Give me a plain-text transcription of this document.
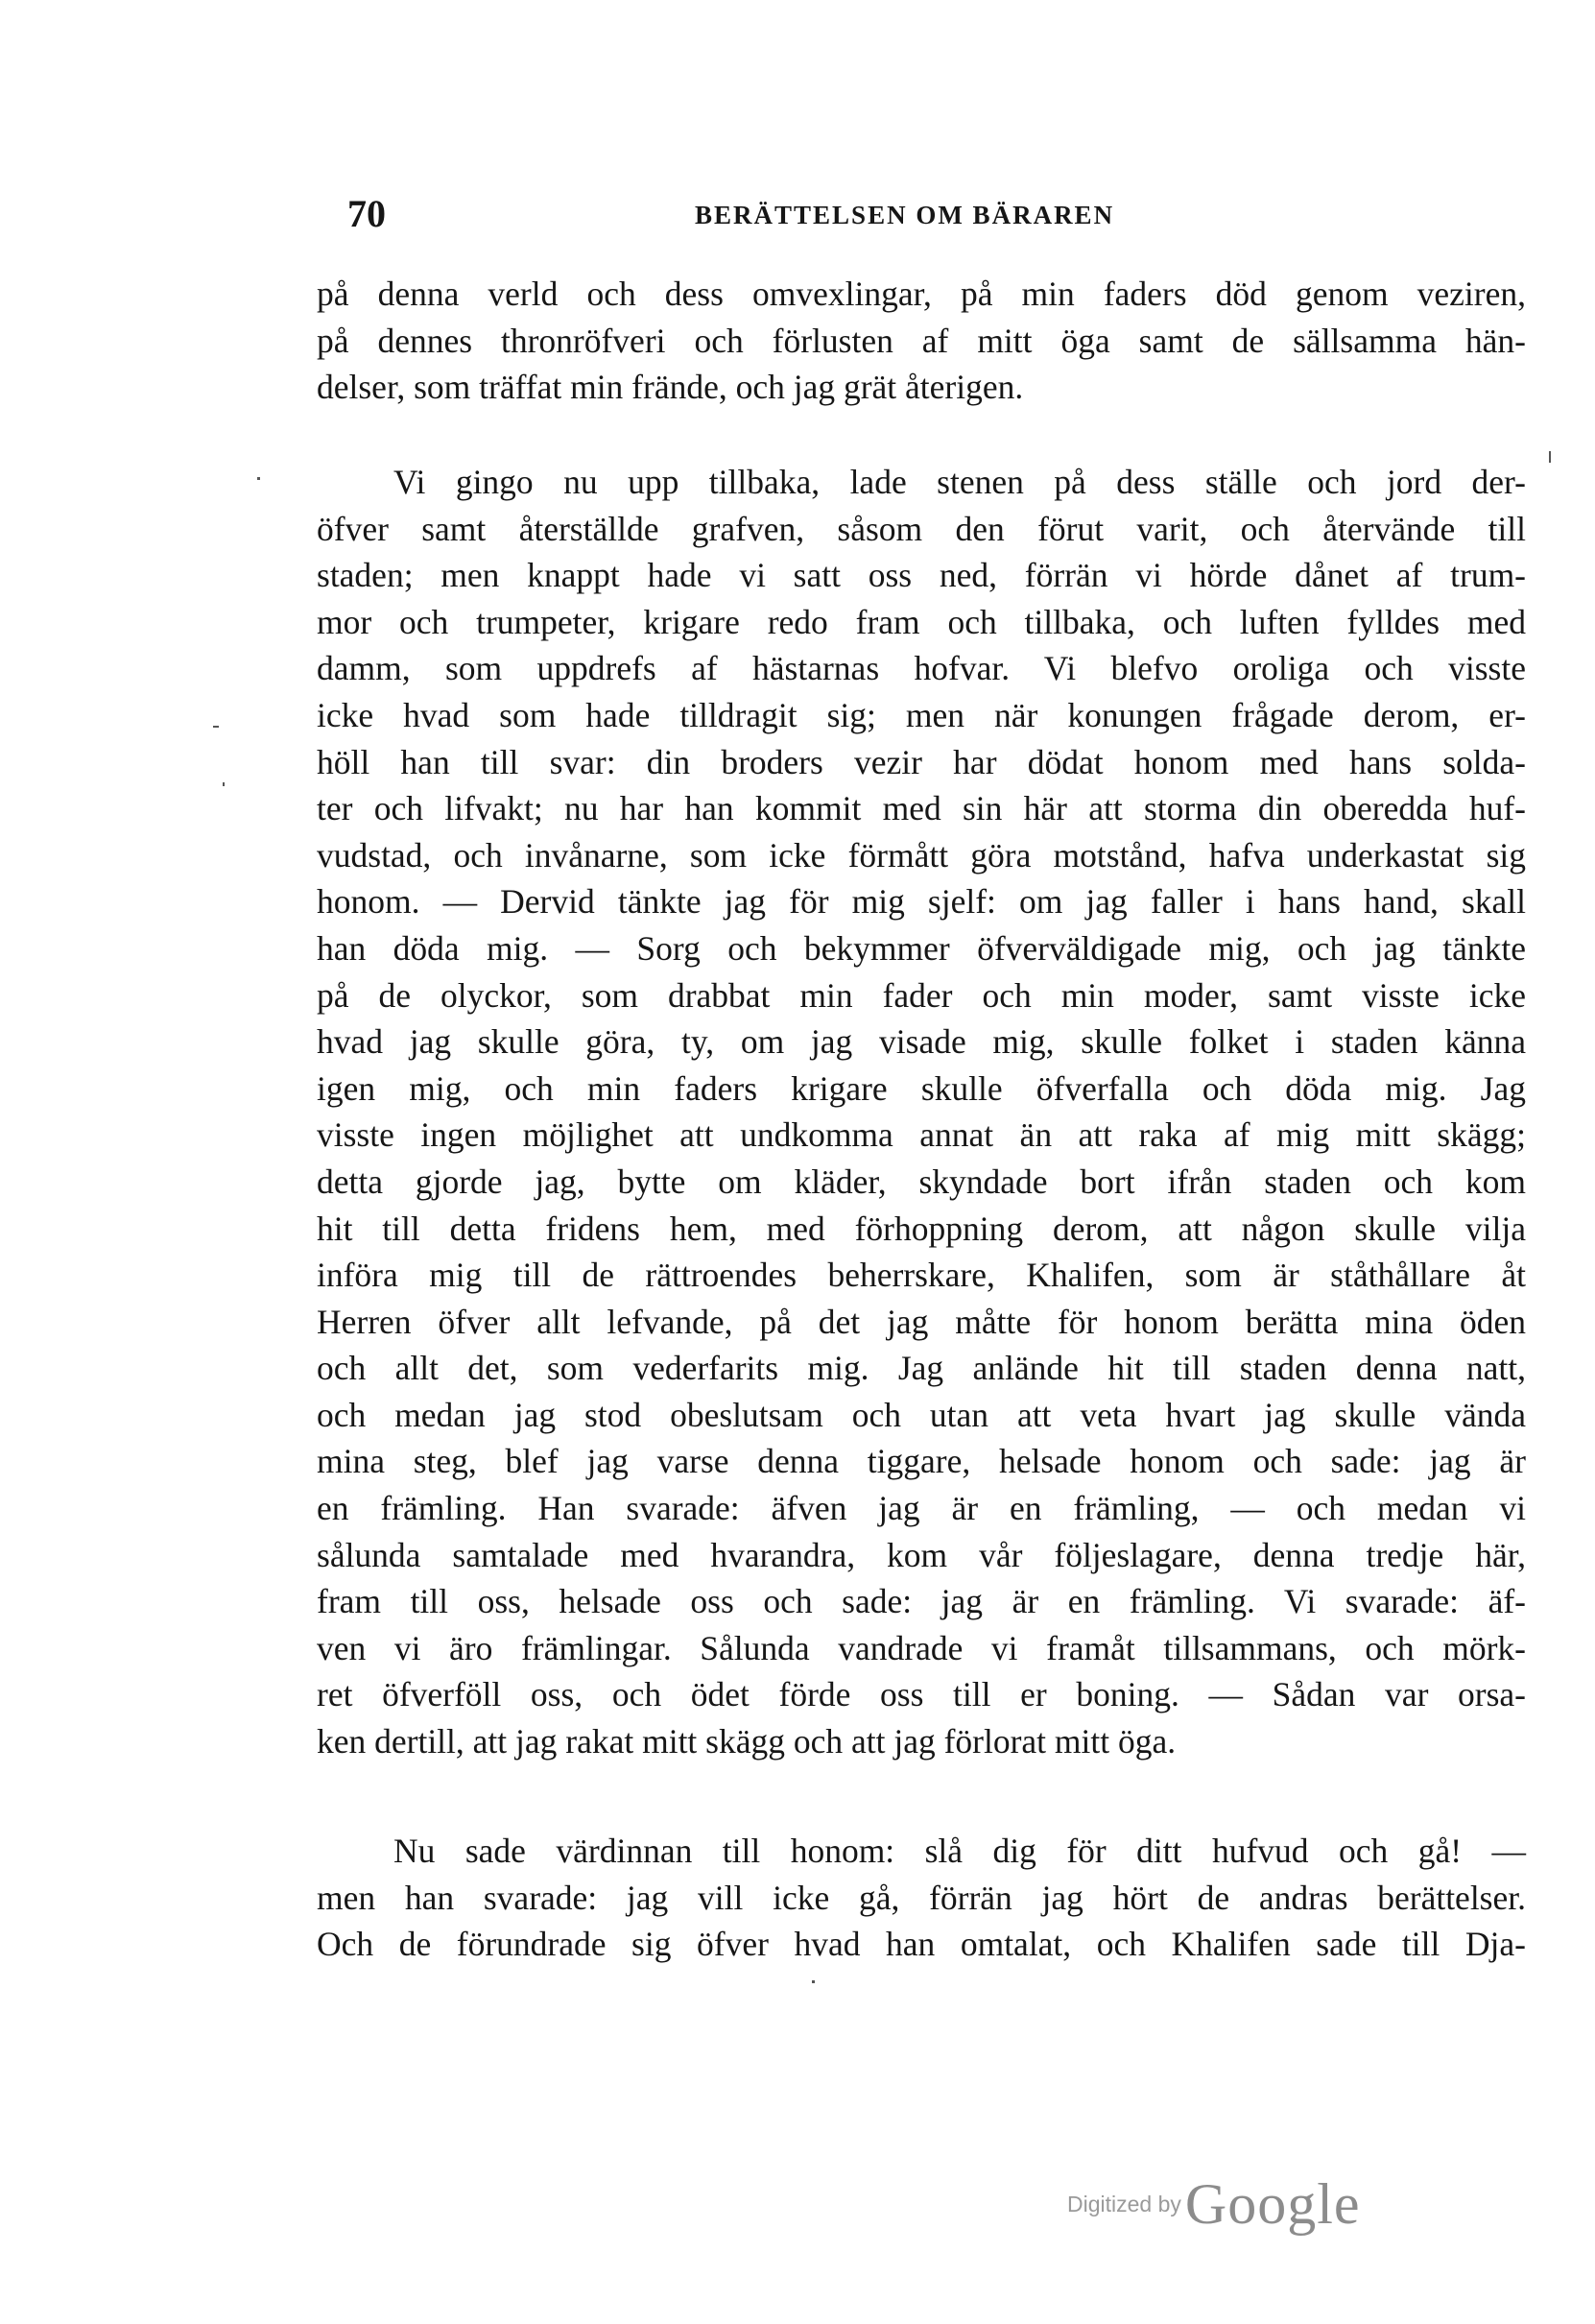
70	BERÄTTELSEN OM BÄRAREN
på denna verld och dess omvexlingar, på min faders död genom veziren,
på dennes thronröfveri och förlusten af mitt öga samt de sällsamma hän-
delser, som träffat min frände, och jag grät återigen.
Vi gingo nu upp tillbaka, lade stenen på dess ställe och jord der-
öfver samt återställde grafven, såsom den förut varit, och återvände till
staden; men knappt hade vi satt oss ned, förrän vi hörde dånet af trum-
mor och trumpeter, krigare redo fram och tillbaka, och luften fylldes med
damm, som uppdrefs af hästarnas hofvar. Vi blefvo oroliga och visste
icke hvad som hade tilldragit sig; men när konungen frågade derom, er-
höll han till svar: din broders vezir har dödat honom med hans solda-
ter och lifvakt; nu har han kommit med sin här att storma din oberedda huf-
vudstad, och invånarne, som icke förmått göra motstånd, hafva underkastat sig
honom. — Dervid tänkte jag för mig sjelf: om jag faller i hans hand, skall
han döda mig. — Sorg och bekymmer öfverväldigade mig, och jag tänkte
på de olyckor, som drabbat min fader och min moder, samt visste icke
hvad jag skulle göra, ty, om jag visade mig, skulle folket i staden känna
igen mig, och min faders krigare skulle öfverfalla och döda mig. Jag
visste ingen möjlighet att undkomma annat än att raka af mig mitt skägg;
detta gjorde jag, bytte om kläder, skyndade bort ifrån staden och kom
hit till detta fridens hem, med förhoppning derom, att någon skulle vilja
införa mig till de rättroendes beherrskare, Khalifen, som är ståthållare åt
Herren öfver allt lefvande, på det jag måtte för honom berätta mina öden
och allt det, som vederfarits mig. Jag anlände hit till staden denna natt,
och medan jag stod obeslutsam och utan att veta hvart jag skulle vända
mina steg, blef jag varse denna tiggare, helsade honom och sade: jag är
en främling. Han svarade: äfven jag är en främling, — och medan vi
sålunda samtalade med hvarandra, kom vår följeslagare, denna tredje här,
fram till oss, helsade oss och sade: jag är en främling. Vi svarade: äf-
ven vi äro främlingar. Sålunda vandrade vi framåt tillsammans, och mörk-
ret öfverföll oss, och ödet förde oss till er boning. — Sådan var orsa-
ken dertill, att jag rakat mitt skägg och att jag förlorat mitt öga.
Nu sade värdinnan till honom: slå dig för ditt hufvud och gå! —
men han svarade: jag vill icke gå, förrän jag hört de andras berättelser.
Och de förundrade sig öfver hvad han omtalat, och Khalifen sade till Dja-
Digitized by Google
